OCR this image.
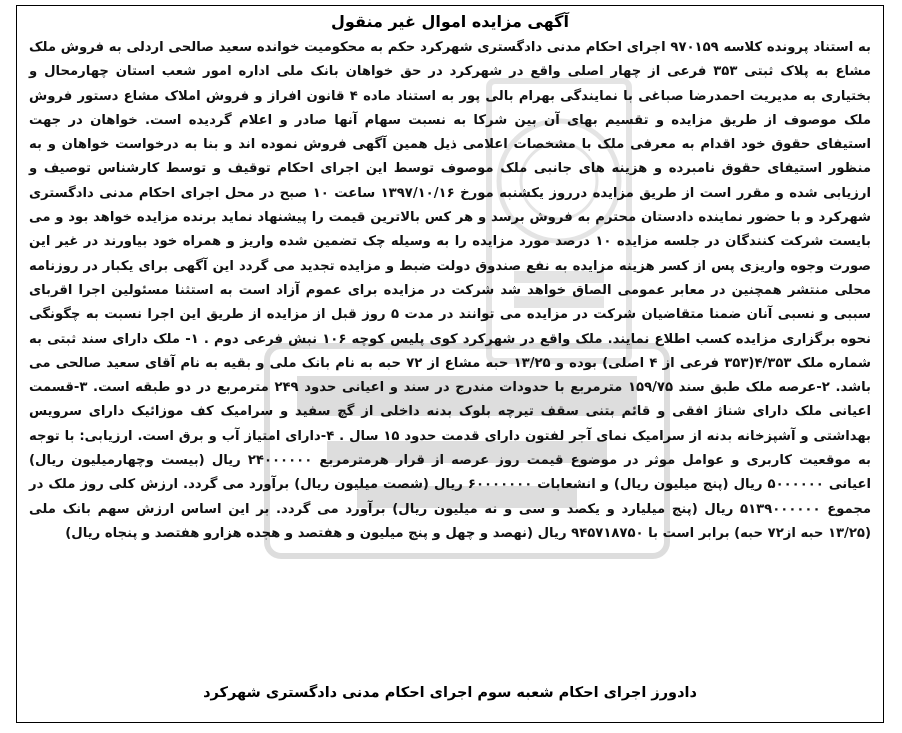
آگهی مزایده اموال غیر منقول
به استناد پرونده کلاسه ۹۷۰۱۵۹ اجرای احکام مدنی دادگستری شهرکرد حکم به محکومیت خوانده سعید صالحی اردلی به فروش ملک مشاع به پلاک ثبتی ۳۵۳ فرعی از چهار اصلی واقع در شهرکرد در حق خواهان بانک ملی اداره امور شعب استان چهارمحال و بختیاری به مدیریت احمدرضا صباغی با نمایندگی بهرام بالی پور به استناد ماده ۴ قانون افراز و فروش املاک مشاع دستور فروش ملک موصوف از طریق مزایده و تقسیم بهای آن بین شرکا به نسبت سهام آنها صادر و اعلام گردیده است. خواهان در جهت استیفای حقوق خود اقدام به معرفی ملک با مشخصات اعلامی ذیل همین آگهی فروش نموده اند و بنا به درخواست خواهان و به منظور استیفای حقوق نامبرده و هزینه های جانبی ملک موصوف توسط این اجرای احکام توقیف و توسط کارشناس توصیف و ارزیابی شده و مقرر است از طریق مزایده درروز یکشنبه مورخ ۱۳۹۷/۱۰/۱۶ ساعت ۱۰ صبح در محل اجرای احکام مدنی دادگستری شهرکرد و با حضور نماینده دادستان محترم به فروش برسد و هر کس بالاترین قیمت را پیشنهاد نماید برنده مزایده خواهد بود و می بایست شرکت کنندگان در جلسه مزایده ۱۰ درصد مورد مزایده را به وسیله چک تضمین شده واریز و همراه خود بیاورند در غیر این صورت وجوه واریزی پس از کسر هزینه مزایده به نفع صندوق دولت ضبط و مزایده تجدید می گردد این آگهی برای یکبار در روزنامه محلی منتشر همچنین در معابر عمومی الصاق خواهد شد شرکت در مزایده برای عموم آزاد است به استثنا مسئولین اجرا اقربای سببی و نسبی آنان ضمنا متقاضیان شرکت در مزایده می توانند در مدت ۵ روز قبل از مزایده از طریق این اجرا نسبت به چگونگی نحوه برگزاری مزایده کسب اطلاع نمایند. ملک واقع در شهرکرد کوی پلیس کوچه ۱۰۶ نبش فرعی دوم . ۱- ملک دارای سند ثبتی به شماره ملک ۴/۳۵۳(۳۵۳ فرعی از ۴ اصلی) بوده و ۱۳/۲۵ حبه مشاع از ۷۲ حبه به نام بانک ملی و بقیه به نام آقای سعید صالحی می باشد. ۲-عرصه ملک طبق سند ۱۵۹/۷۵ مترمربع با حدودات مندرج در سند و اعیانی حدود ۲۴۹ مترمربع در دو طبقه است. ۳-قسمت اعیانی ملک دارای شناژ افقی و قائم بتنی سقف تیرچه بلوک بدنه داخلی از گچ سفید و سرامیک کف موزائیک دارای سرویس بهداشتی و آشپزخانه بدنه از سرامیک نمای آجر لفتون دارای قدمت حدود ۱۵ سال . ۴-دارای امتیاز آب و برق است. ارزیابی: با توجه به موقعیت کاربری و عوامل موثر در موضوع قیمت روز عرصه از قرار هرمترمربع ۲۴۰۰۰۰۰۰ ریال (بیست وچهارمیلیون ریال) اعیانی ۵۰۰۰۰۰۰ ریال (پنج میلیون ریال) و انشعابات ۶۰۰۰۰۰۰۰ ریال (شصت میلیون ریال) برآورد می گردد. ارزش کلی روز ملک در مجموع ۵۱۳۹۰۰۰۰۰۰ ریال (پنج میلیارد و یکصد و سی و نه میلیون ریال) برآورد می گردد. بر این اساس ارزش سهم بانک ملی (۱۳/۲۵ حبه از۷۲ حبه) برابر است با ۹۴۵۷۱۸۷۵۰ ریال (نهصد و چهل و پنج میلیون و هفتصد و هجده هزارو هفتصد و پنجاه ریال)
دادورز اجرای احکام شعبه سوم اجرای احکام مدنی دادگستری شهرکرد
